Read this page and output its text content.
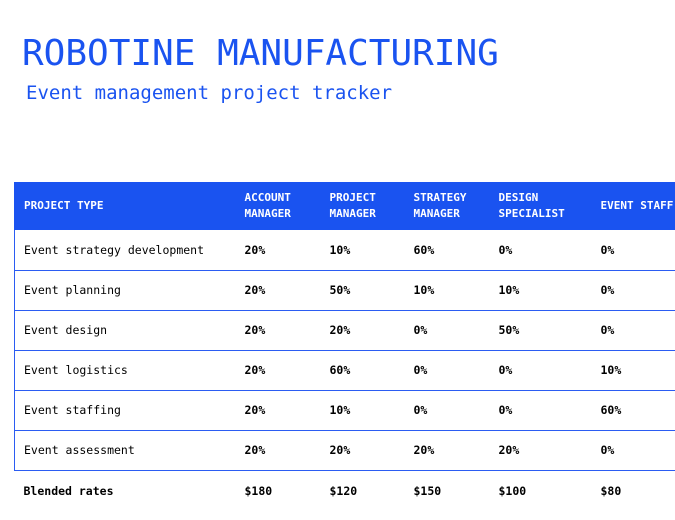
ROBOTINE MANUFACTURING
Event management project tracker
PROJECT TYPE	ACCOUNT MANAGER	PROJECT MANAGER	STRATEGY MANAGER	DESIGN SPECIALIST	EVENT STAFF
Event strategy development	20%	10%	60%	0%	0%
Event planning	20%	50%	10%	10%	0%
Event design	20%	20%	0%	50%	0%
Event logistics	20%	60%	0%	0%	10%
Event staffing	20%	10%	0%	0%	60%
Event assessment	20%	20%	20%	20%	0%
Blended rates	$180	$120	$150	$100	$80
